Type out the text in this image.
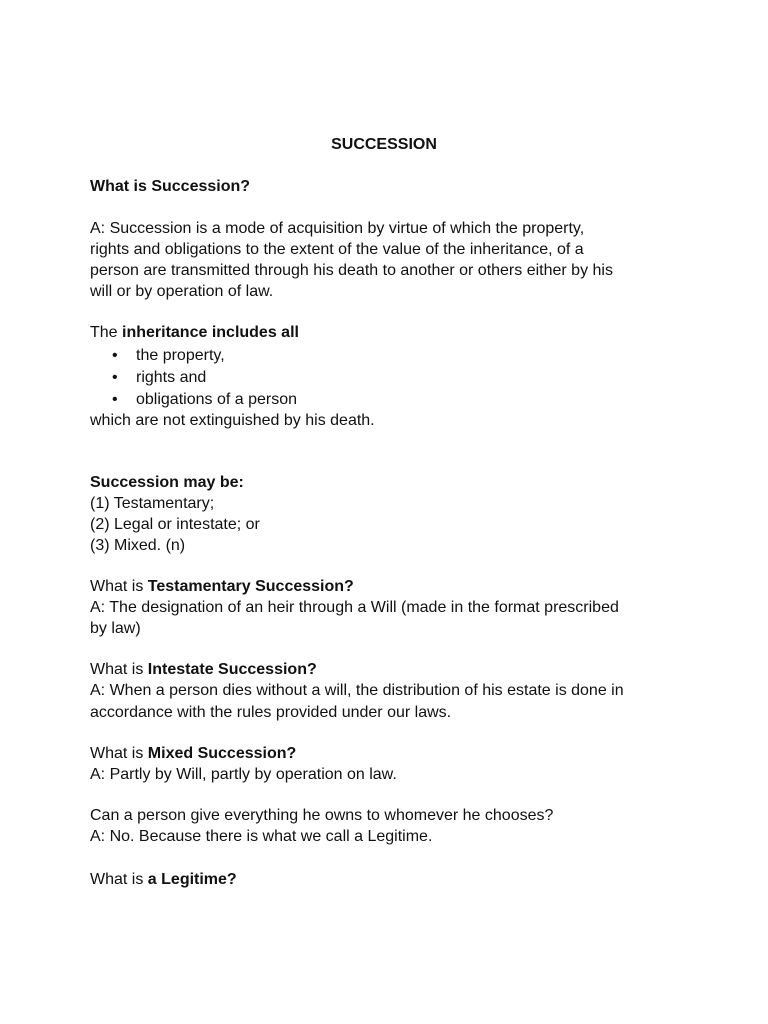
SUCCESSION
What is Succession?
A: Succession is a mode of acquisition by virtue of which the property,
rights and obligations to the extent of the value of the inheritance, of a
person are transmitted through his death to another or others either by his
will or by operation of law.
The inheritance includes all
• the property,
• rights and
• obligations of a person
which are not extinguished by his death.
Succession may be:
(1) Testamentary;
(2) Legal or intestate; or
(3) Mixed. (n)
What is Testamentary Succession?
A: The designation of an heir through a Will (made in the format prescribed
by law)
What is Intestate Succession?
A: When a person dies without a will, the distribution of his estate is done in
accordance with the rules provided under our laws.
What is Mixed Succession?
A: Partly by Will, partly by operation on law.
Can a person give everything he owns to whomever he chooses?
A: No. Because there is what we call a Legitime.
What is a Legitime?
